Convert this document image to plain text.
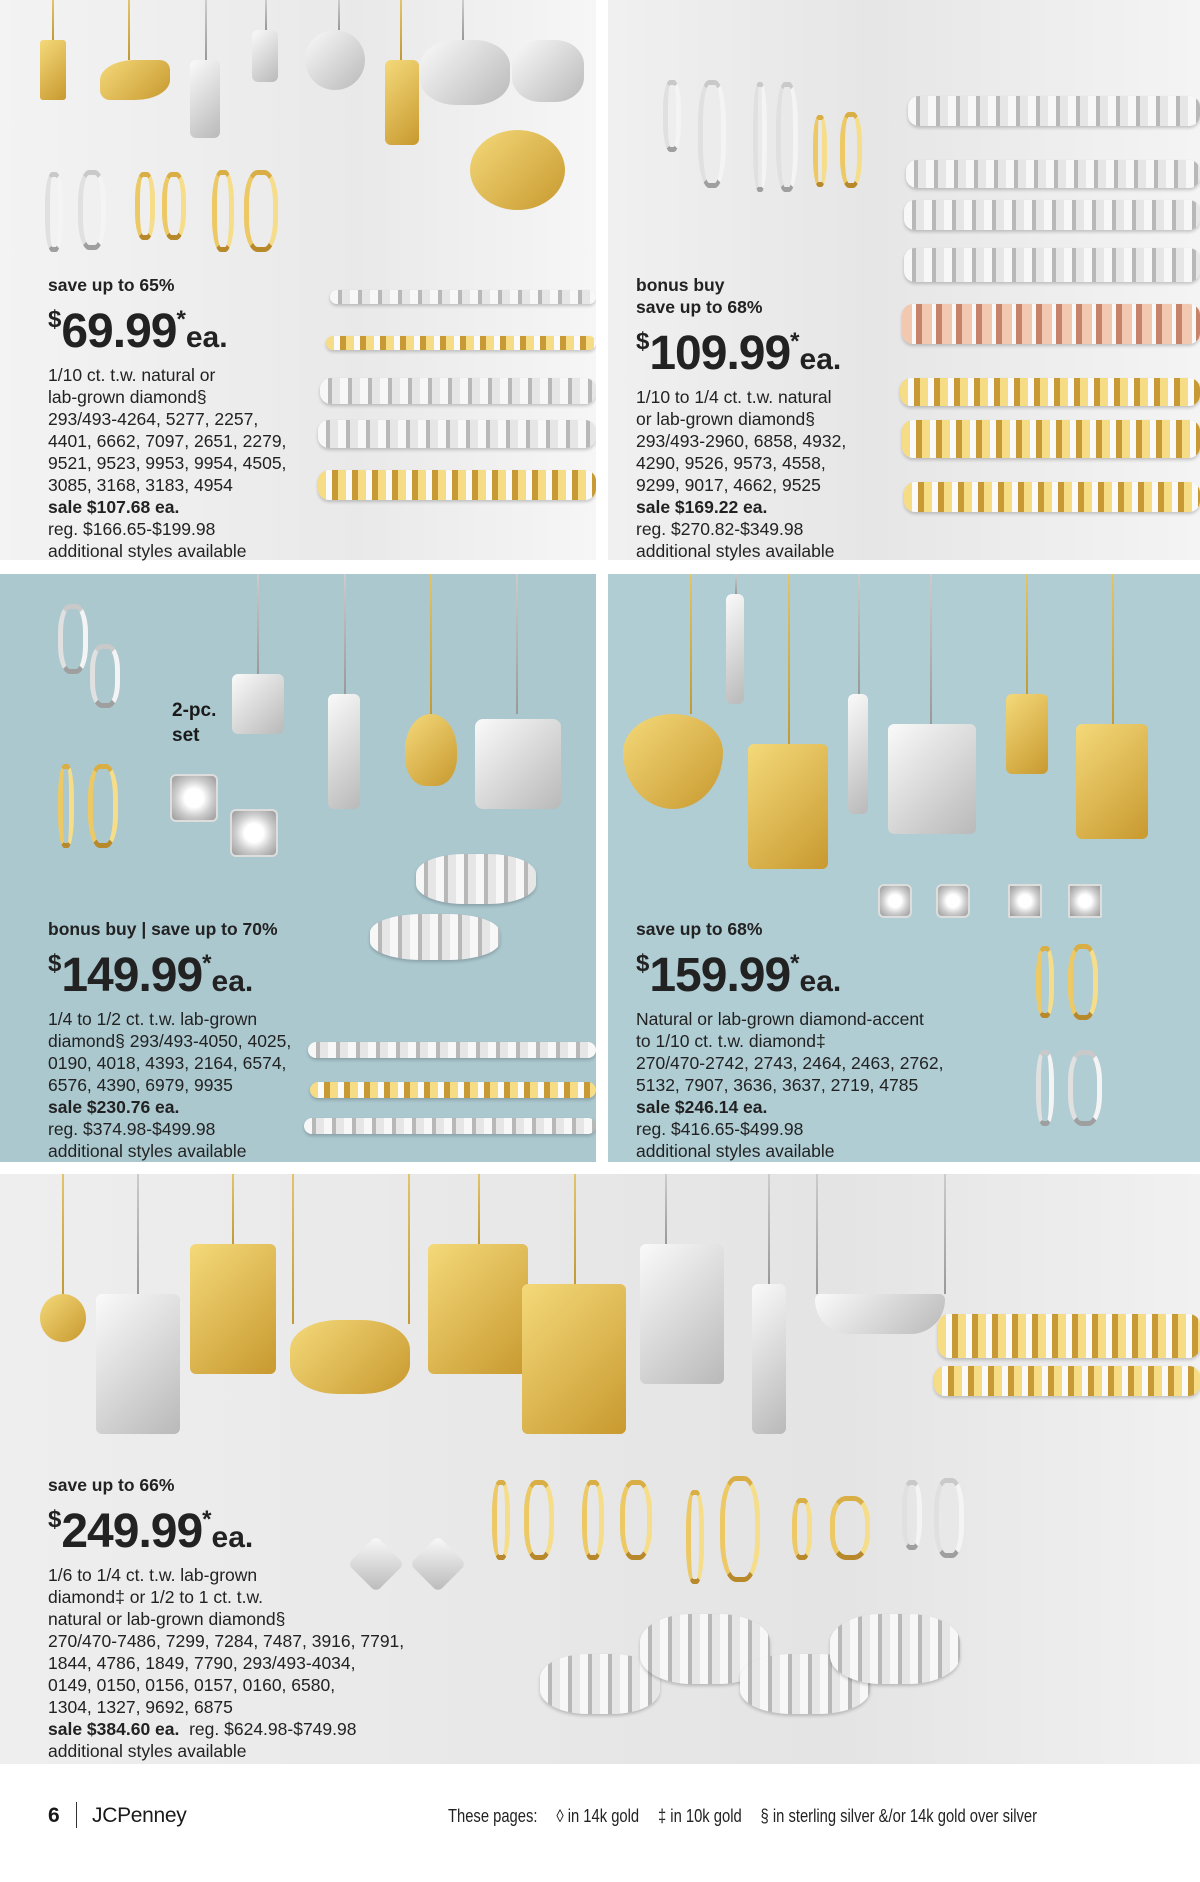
save up to 65%
$69.99*ea.
1/10 ct. t.w. natural or
lab-grown diamond§
293/493-4264, 5277, 2257,
4401, 6662, 7097, 2651, 2279,
9521, 9523, 9953, 9954, 4505,
3085, 3168, 3183, 4954
sale $107.68 ea.
reg. $166.65-$199.98
additional styles available
bonus buy
save up to 68%
$109.99*ea.
1/10 to 1/4 ct. t.w. natural
or lab-grown diamond§
293/493-2960, 6858, 4932,
4290, 9526, 9573, 4558,
9299, 9017, 4662, 9525
sale $169.22 ea.
reg. $270.82-$349.98
additional styles available
2-pc.
set
bonus buy | save up to 70%
$149.99*ea.
1/4 to 1/2 ct. t.w. lab-grown
diamond§ 293/493-4050, 4025,
0190, 4018, 4393, 2164, 6574,
6576, 4390, 6979, 9935
sale $230.76 ea.
reg. $374.98-$499.98
additional styles available
save up to 68%
$159.99*ea.
Natural or lab-grown diamond-accent
to 1/10 ct. t.w. diamond‡
270/470-2742, 2743, 2464, 2463, 2762,
5132, 7907, 3636, 3637, 2719, 4785
sale $246.14 ea.
reg. $416.65-$499.98
additional styles available
save up to 66%
$249.99*ea.
1/6 to 1/4 ct. t.w. lab-grown
diamond‡ or 1/2 to 1 ct. t.w.
natural or lab-grown diamond§
270/470-7486, 7299, 7284, 7487, 3916, 7791,
1844, 4786, 1849, 7790, 293/493-4034,
0149, 0150, 0156, 0157, 0160, 6580,
1304, 1327, 9692, 6875
sale $384.60 ea. reg. $624.98-$749.98
additional styles available
6 JCPenney	These pages: ◊ in 14k gold ‡ in 10k gold § in sterling silver &/or 14k gold over silver
